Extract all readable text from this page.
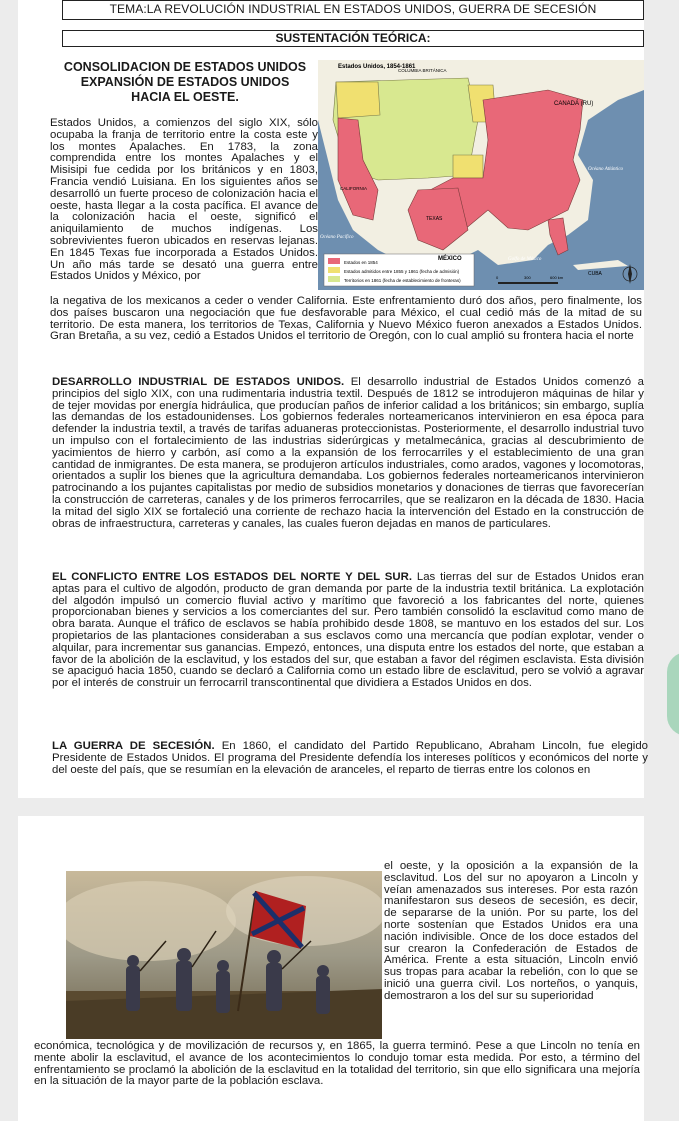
TEMA:LA REVOLUCIÓN INDUSTRIAL EN ESTADOS UNIDOS, GUERRA DE SECESIÓN
SUSTENTACIÓN TEÓRICA:
CONSOLIDACION DE ESTADOS UNIDOS
EXPANSIÓN DE ESTADOS UNIDOS
HACIA EL OESTE.
Estados Unidos, a comienzos del siglo XIX, sólo ocupaba la franja de territorio entre la costa este y los montes Apalaches. En 1783, la zona comprendida entre los montes Apalaches y el Misisipi fue cedida por los británicos y en 1803, Francia vendió Luisiana. En los siguientes años se desarrolló un fuerte proceso de colonización hacia el oeste, hasta llegar a la costa pacífica. El avance de la colonización hacia el oeste, significó el aniquilamiento de muchos indígenas. Los sobrevivientes fueron ubicados en reservas lejanas. En 1845 Texas fue incorporada a Estados Unidos. Un año más tarde se desató una guerra entre Estados Unidos y México, por
Estados en 1854
Estados admitidos entre 1855 y 1861 (fecha de admisión)
Territorios en 1861 (fecha de establecimiento de fronteras)
Estados Unidos, 1854-1861
CANADÁ (RU)
COLUMBIA BRITÁNICA
CALIFORNIA
TEXAS
MÉXICO
Océano Pacífico
Océano Atlántico
Golfo de México
CUBA
0	300	600 km
la negativa de los mexicanos a ceder o vender California. Este enfrentamiento duró dos años, pero finalmente, los dos países buscaron una negociación que fue desfavorable para México, el cual cedió más de la mitad de su territorio. De esta manera, los territorios de Texas, California y Nuevo México fueron anexados a Estados Unidos. Gran Bretaña, a su vez, cedió a Estados Unidos el territorio de Oregón, con lo cual amplió su frontera hacia el norte
DESARROLLO INDUSTRIAL DE ESTADOS UNIDOS. El desarrollo industrial de Estados Unidos comenzó a principios del siglo XIX, con una rudimentaria industria textil. Después de 1812 se introdujeron máquinas de hilar y de tejer movidas por energía hidráulica, que producían paños de inferior calidad a los británicos; sin embargo, suplía las demandas de los estadounidenses. Los gobiernos federales norteamericanos intervinieron en esa época para defender la industria textil, a través de tarifas aduaneras proteccionistas. Posteriormente, el desarrollo industrial tuvo un impulso con el fortalecimiento de las industrias siderúrgicas y metalmecánica, gracias al descubrimiento de yacimientos de hierro y carbón, así como a la expansión de los ferrocarriles y el establecimiento de una gran cantidad de inmigrantes. De esta manera, se produjeron artículos industriales, como arados, vagones y locomotoras, orientados a suplir los bienes que la agricultura demandaba. Los gobiernos federales norteamericanos intervinieron patrocinando a los pujantes capitalistas por medio de subsidios monetarios y donaciones de tierras que favorecerían la construcción de carreteras, canales y de los primeros ferrocarriles, que se realizaron en la década de 1830. Hacia la mitad del siglo XIX se fortaleció una corriente de rechazo hacia la intervención del Estado en la construcción de obras de infraestructura, carreteras y canales, las cuales fueron dejadas en manos de particulares.
EL CONFLICTO ENTRE LOS ESTADOS DEL NORTE Y DEL SUR. Las tierras del sur de Estados Unidos eran aptas para el cultivo de algodón, producto de gran demanda por parte de la industria textil británica. La explotación del algodón impulsó un comercio fluvial activo y marítimo que favoreció a los fabricantes del norte, quienes proporcionaban bienes y servicios a los comerciantes del sur. Pero también consolidó la esclavitud como mano de obra barata. Aunque el tráfico de esclavos se había prohibido desde 1808, se mantuvo en los estados del sur. Los propietarios de las plantaciones consideraban a sus esclavos como una mercancía que podían explotar, vender o alquilar, para incrementar sus ganancias. Empezó, entonces, una disputa entre los estados del norte, que estaban a favor de la abolición de la esclavitud, y los estados del sur, que estaban a favor del régimen esclavista. Esta división se apaciguó hacia 1850, cuando se declaró a California como un estado libre de esclavitud, pero se volvió a agravar por el interés de construir un ferrocarril transcontinental que dividiera a Estados Unidos en dos.
LA GUERRA DE SECESIÓN. En 1860, el candidato del Partido Republicano, Abraham Lincoln, fue elegido Presidente de Estados Unidos. El programa del Presidente defendía los intereses políticos y económicos del norte y del oeste del país, que se resumían en la elevación de aranceles, el reparto de tierras entre los colonos en
el oeste, y la oposición a la expansión de la esclavitud. Los del sur no apoyaron a Lincoln y veían amenazados sus intereses. Por esta razón manifestaron sus deseos de secesión, es decir, de separarse de la unión. Por su parte, los del norte sostenían que Estados Unidos era una nación indivisible. Once de los doce estados del sur crearon la Confederación de Estados de América. Frente a esta situación, Lincoln envió sus tropas para acabar la rebelión, con lo que se inició una guerra civil. Los norteños, o yanquis, demostraron a los del sur su superioridad
económica, tecnológica y de movilización de recursos y, en 1865, la guerra terminó. Pese a que Lincoln no tenía en mente abolir la esclavitud, el avance de los acontecimientos lo condujo tomar esta medida. Por esto, a término del enfrentamiento se proclamó la abolición de la esclavitud en la totalidad del territorio, sin que ello significara una mejoría en la situación de la mayor parte de la población esclava.
